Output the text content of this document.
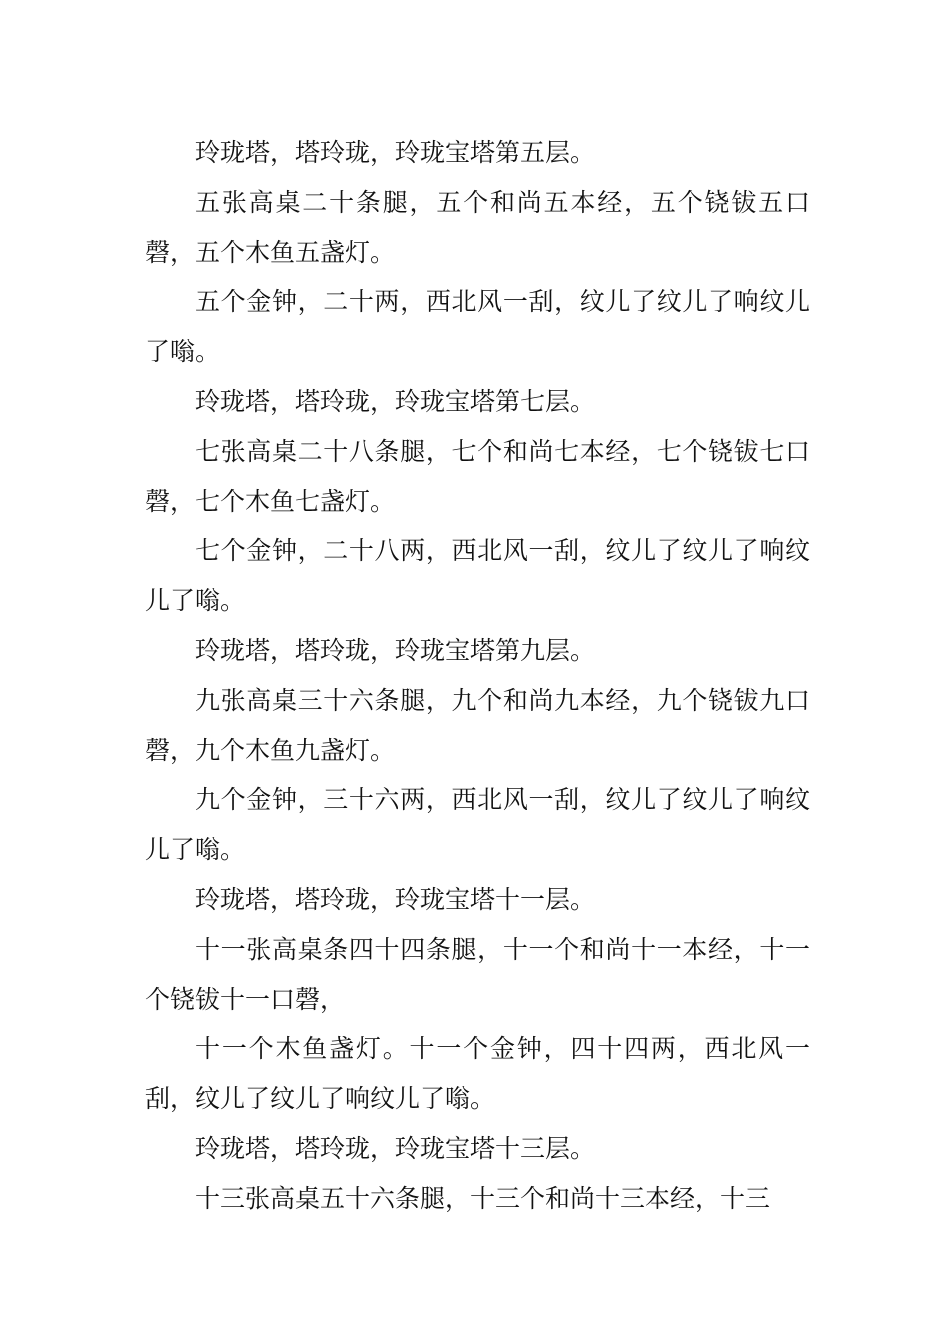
玲珑塔，塔玲珑，玲珑宝塔第五层。

五张高桌二十条腿，五个和尚五本经，五个铙钹五口磬，五个木鱼五盏灯。

五个金钟，二十两，西北风一刮，纹儿了纹儿了响纹儿了嗡。

玲珑塔，塔玲珑，玲珑宝塔第七层。

七张高桌二十八条腿，七个和尚七本经，七个铙钹七口磬，七个木鱼七盏灯。

七个金钟，二十八两，西北风一刮，纹儿了纹儿了响纹儿了嗡。

玲珑塔，塔玲珑，玲珑宝塔第九层。

九张高桌三十六条腿，九个和尚九本经，九个铙钹九口磬，九个木鱼九盏灯。

九个金钟，三十六两，西北风一刮，纹儿了纹儿了响纹儿了嗡。

玲珑塔，塔玲珑，玲珑宝塔十一层。

十一张高桌条四十四条腿，十一个和尚十一本经，十一个铙钹十一口磬，

十一个木鱼盏灯。十一个金钟，四十四两，西北风一刮，纹儿了纹儿了响纹儿了嗡。

玲珑塔，塔玲珑，玲珑宝塔十三层。

十三张高桌五十六条腿，十三个和尚十三本经，十三
